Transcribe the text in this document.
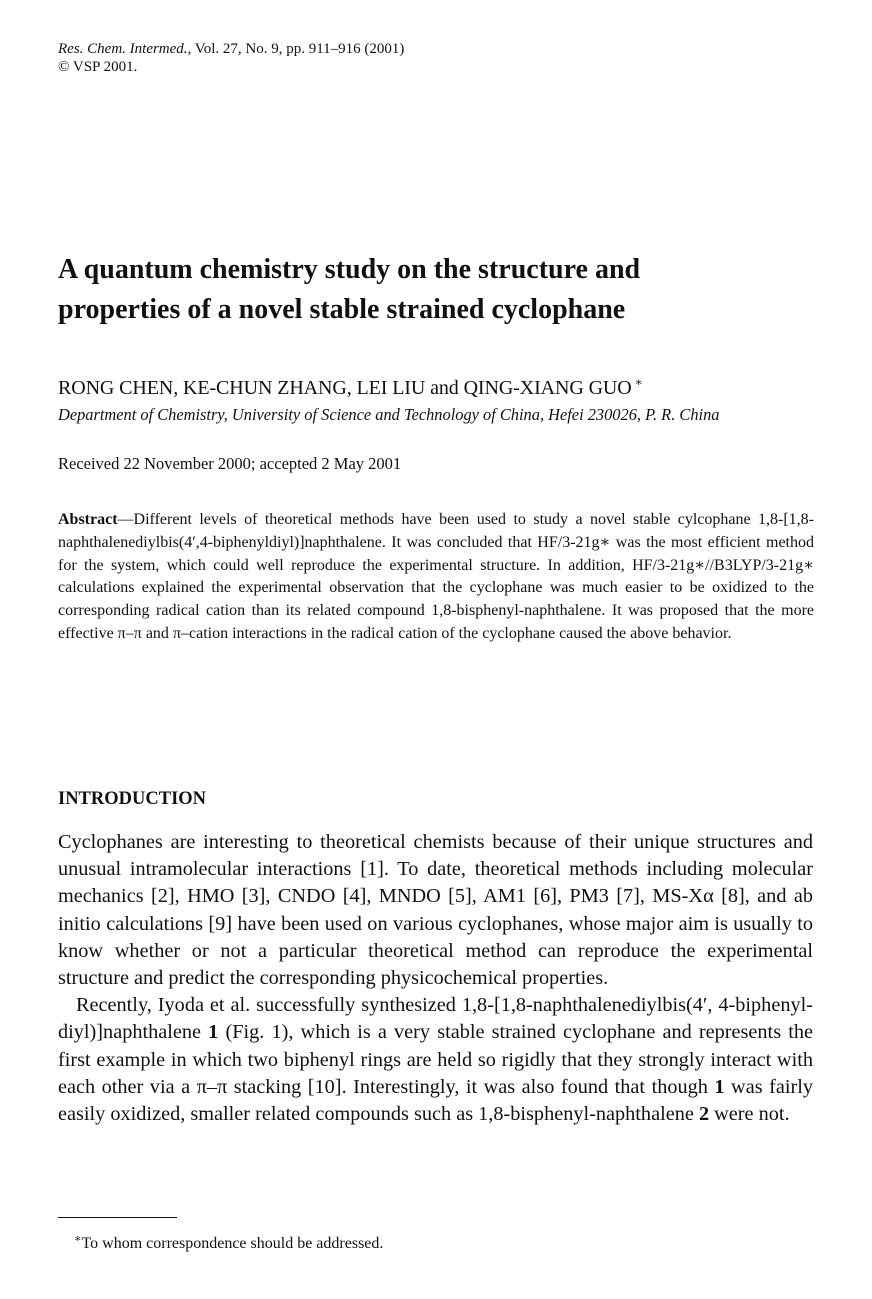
Res. Chem. Intermed., Vol. 27, No. 9, pp. 911–916 (2001)
© VSP 2001.
A quantum chemistry study on the structure and
properties of a novel stable strained cyclophane
RONG CHEN, KE-CHUN ZHANG, LEI LIU and QING-XIANG GUO ∗
Department of Chemistry, University of Science and Technology of China, Hefei 230026, P. R. China
Received 22 November 2000; accepted 2 May 2001
Abstract—Different levels of theoretical methods have been used to study a novel stable cylcophane 1,8-[1,8-naphthalenediylbis(4′,4-biphenyldiyl)]naphthalene. It was concluded that HF/3-21g∗ was the most efficient method for the system, which could well reproduce the experimental structure. In addition, HF/3-21g∗//B3LYP/3-21g∗ calculations explained the experimental observation that the cyclophane was much easier to be oxidized to the corresponding radical cation than its related compound 1,8-bisphenyl-naphthalene. It was proposed that the more effective π–π and π–cation interactions in the radical cation of the cyclophane caused the above behavior.
INTRODUCTION

Cyclophanes are interesting to theoretical chemists because of their unique structures and unusual intramolecular interactions [1]. To date, theoretical methods including molecular mechanics [2], HMO [3], CNDO [4], MNDO [5], AM1 [6], PM3 [7], MS-Xα [8], and ab initio calculations [9] have been used on various cyclophanes, whose major aim is usually to know whether or not a particular theoretical method can reproduce the experimental structure and predict the corresponding physicochemical properties.

Recently, Iyoda et al. successfully synthesized 1,8-[1,8-naphthalenediylbis(4′, 4-biphenyl-diyl)]naphthalene 1 (Fig. 1), which is a very stable strained cyclophane and represents the first example in which two biphenyl rings are held so rigidly that they strongly interact with each other via a π–π stacking [10]. Interestingly, it was also found that though 1 was fairly easily oxidized, smaller related compounds such as 1,8-bisphenyl-naphthalene 2 were not.

∗To whom correspondence should be addressed.
